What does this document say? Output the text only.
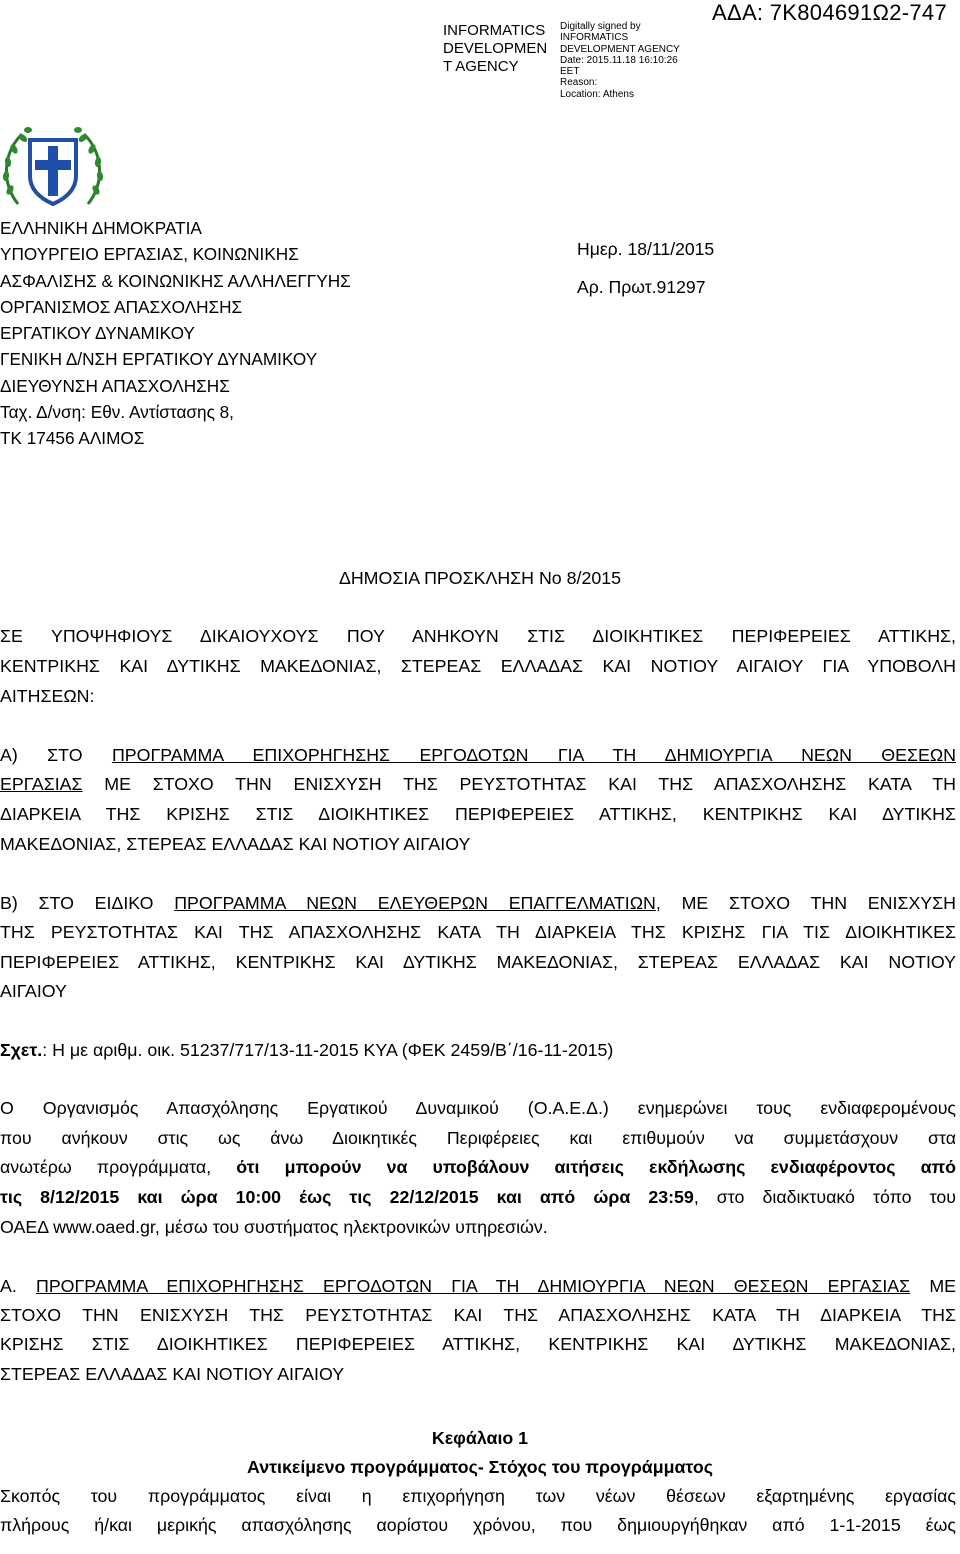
INFORMATICS
DEVELOPMEN
T AGENCY
Digitally signed by
INFORMATICS
DEVELOPMENT AGENCY
Date: 2015.11.18 16:10:26
EET
Reason:
Location: Athens
ΑΔΑ: 7Κ804691Ω2-747
ΕΛΛΗΝΙΚΗ ΔΗΜΟΚΡΑΤΙΑ
ΥΠΟΥΡΓΕΙΟ ΕΡΓΑΣΙΑΣ, ΚΟΙΝΩΝΙΚΗΣ
ΑΣΦΑΛΙΣΗΣ & ΚΟΙΝΩΝΙΚΗΣ ΑΛΛΗΛΕΓΓΥΗΣ
ΟΡΓΑΝΙΣΜΟΣ ΑΠΑΣΧΟΛΗΣΗΣ
ΕΡΓΑΤΙΚΟΥ ΔΥΝΑΜΙΚΟΥ
ΓΕΝΙΚΗ Δ/ΝΣΗ ΕΡΓΑΤΙΚΟΥ ΔΥΝΑΜΙΚΟΥ
ΔΙΕΥΘΥΝΣΗ ΑΠΑΣΧΟΛΗΣΗΣ
Ταχ. Δ/νση: Εθν. Αντίστασης 8,
ΤΚ 17456 ΑΛΙΜΟΣ
Ημερ. 18/11/2015
Αρ. Πρωτ.91297
ΔΗΜΟΣΙΑ ΠΡΟΣΚΛΗΣΗ Νο 8/2015
ΣΕ ΥΠΟΨΗΦΙΟΥΣ ΔΙΚΑΙΟΥΧΟΥΣ ΠΟΥ ΑΝΗΚΟΥΝ ΣΤΙΣ ΔΙΟΙΚΗΤΙΚΕΣ ΠΕΡΙΦΕΡΕΙΕΣ ΑΤΤΙΚΗΣ,
ΚΕΝΤΡΙΚΗΣ ΚΑΙ ΔΥΤΙΚΗΣ ΜΑΚΕΔΟΝΙΑΣ, ΣΤΕΡΕΑΣ ΕΛΛΑΔΑΣ ΚΑΙ ΝΟΤΙΟΥ ΑΙΓΑΙΟΥ ΓΙΑ ΥΠΟΒΟΛΗ
ΑΙΤΗΣΕΩΝ:
Α) ΣΤΟ ΠΡΟΓΡΑΜΜΑ ΕΠΙΧΟΡΗΓΗΣΗΣ ΕΡΓΟΔΟΤΩΝ ΓΙΑ ΤΗ ΔΗΜΙΟΥΡΓΙΑ ΝΕΩΝ ΘΕΣΕΩΝ
ΕΡΓΑΣΙΑΣ ΜΕ ΣΤΟΧΟ ΤΗΝ ΕΝΙΣΧΥΣΗ ΤΗΣ ΡΕΥΣΤΟΤΗΤΑΣ ΚΑΙ ΤΗΣ ΑΠΑΣΧΟΛΗΣΗΣ ΚΑΤΑ ΤΗ
ΔΙΑΡΚΕΙΑ ΤΗΣ ΚΡΙΣΗΣ ΣΤΙΣ ΔΙΟΙΚΗΤΙΚΕΣ ΠΕΡΙΦΕΡΕΙΕΣ ΑΤΤΙΚΗΣ, ΚΕΝΤΡΙΚΗΣ ΚΑΙ ΔΥΤΙΚΗΣ
ΜΑΚΕΔΟΝΙΑΣ, ΣΤΕΡΕΑΣ ΕΛΛΑΔΑΣ ΚΑΙ ΝΟΤΙΟΥ ΑΙΓΑΙΟΥ
Β) ΣΤΟ ΕΙΔΙΚΟ ΠΡΟΓΡΑΜΜΑ ΝΕΩΝ ΕΛΕΥΘΕΡΩΝ ΕΠΑΓΓΕΛΜΑΤΙΩΝ, ΜΕ ΣΤΟΧΟ ΤΗΝ ΕΝΙΣΧΥΣΗ
ΤΗΣ ΡΕΥΣΤΟΤΗΤΑΣ ΚΑΙ ΤΗΣ ΑΠΑΣΧΟΛΗΣΗΣ ΚΑΤΑ ΤΗ ΔΙΑΡΚΕΙΑ ΤΗΣ ΚΡΙΣΗΣ ΓΙΑ ΤΙΣ ΔΙΟΙΚΗΤΙΚΕΣ
ΠΕΡΙΦΕΡΕΙΕΣ ΑΤΤΙΚΗΣ, ΚΕΝΤΡΙΚΗΣ ΚΑΙ ΔΥΤΙΚΗΣ ΜΑΚΕΔΟΝΙΑΣ, ΣΤΕΡΕΑΣ ΕΛΛΑΔΑΣ ΚΑΙ ΝΟΤΙΟΥ
ΑΙΓΑΙΟΥ
Σχετ.: Η με αριθμ. οικ. 51237/717/13-11-2015 ΚΥΑ (ΦΕΚ 2459/Β΄/16-11-2015)
Ο Οργανισμός Απασχόλησης Εργατικού Δυναμικού (Ο.Α.Ε.Δ.) ενημερώνει τους ενδιαφερομένους
που ανήκουν στις ως άνω Διοικητικές Περιφέρειες και επιθυμούν να συμμετάσχουν στα
ανωτέρω προγράμματα, ότι μπορούν να υποβάλουν αιτήσεις εκδήλωσης ενδιαφέροντος από
τις 8/12/2015 και ώρα 10:00 έως τις 22/12/2015 και από ώρα 23:59, στο διαδικτυακό τόπο του
ΟΑΕΔ www.oaed.gr, μέσω του συστήματος ηλεκτρονικών υπηρεσιών.
Α. ΠΡΟΓΡΑΜΜΑ ΕΠΙΧΟΡΗΓΗΣΗΣ ΕΡΓΟΔΟΤΩΝ ΓΙΑ ΤΗ ΔΗΜΙΟΥΡΓΙΑ ΝΕΩΝ ΘΕΣΕΩΝ ΕΡΓΑΣΙΑΣ ΜΕ
ΣΤΟΧΟ ΤΗΝ ΕΝΙΣΧΥΣΗ ΤΗΣ ΡΕΥΣΤΟΤΗΤΑΣ ΚΑΙ ΤΗΣ ΑΠΑΣΧΟΛΗΣΗΣ ΚΑΤΑ ΤΗ ΔΙΑΡΚΕΙΑ ΤΗΣ
ΚΡΙΣΗΣ ΣΤΙΣ ΔΙΟΙΚΗΤΙΚΕΣ ΠΕΡΙΦΕΡΕΙΕΣ ΑΤΤΙΚΗΣ, ΚΕΝΤΡΙΚΗΣ ΚΑΙ ΔΥΤΙΚΗΣ ΜΑΚΕΔΟΝΙΑΣ,
ΣΤΕΡΕΑΣ ΕΛΛΑΔΑΣ ΚΑΙ ΝΟΤΙΟΥ ΑΙΓΑΙΟΥ
Κεφάλαιο 1
Αντικείμενο προγράμματος- Στόχος του προγράμματος
Σκοπός του προγράμματος είναι η επιχορήγηση των νέων θέσεων εξαρτημένης εργασίας
πλήρους ή/και μερικής απασχόλησης αορίστου χρόνου, που δημιουργήθηκαν από 1-1-2015 έως
